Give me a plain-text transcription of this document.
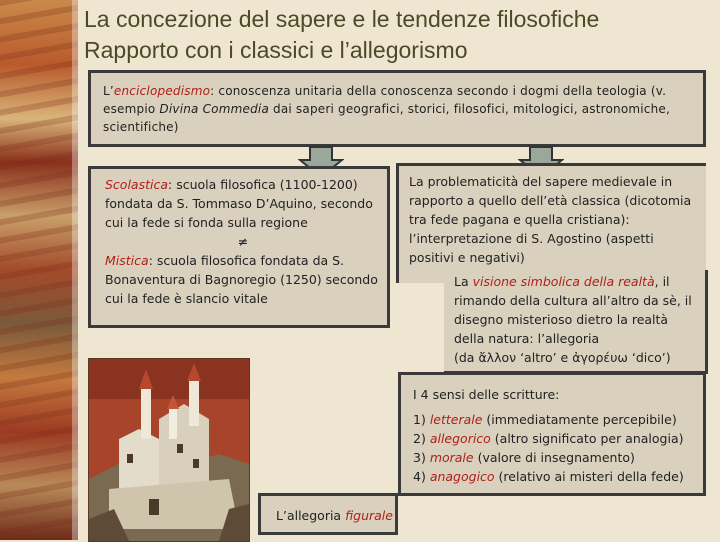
La concezione del sapere e le tendenze filosofiche
Rapporto con i classici e l’allegorismo
L’enciclopedismo: conoscenza unitaria della conoscenza secondo i dogmi della teologia (v. esempio Divina Commedia dai saperi geografici, storici, filosofici, mitologici, astronomiche, scientifiche)
Scolastica: scuola filosofica (1100-1200) fondata da S. Tommaso D’Aquino, secondo cui la fede si fonda sulla regione
≠
Mistica: scuola filosofica fondata da S. Bonaventura di Bagnoregio (1250) secondo cui la fede è slancio vitale
La problematicità del sapere medievale in rapporto a quello dell’età classica (dicotomia tra fede pagana e quella cristiana): l’interpretazione di S. Agostino (aspetti positivi e negativi)
La visione simbolica della realtà, il rimando della cultura all’altro da sè, il disegno misterioso dietro la realtà della natura: l’allegoria
(da ἄλλον ‘altro’ e ἀγορέυω ‘dico’)
I 4 sensi delle scritture:
1) letterale (immediatamente percepibile)
2) allegorico (altro significato per analogia)
3) morale (valore di insegnamento)
4) anagogico (relativo ai misteri della fede)
L’allegoria figurale
